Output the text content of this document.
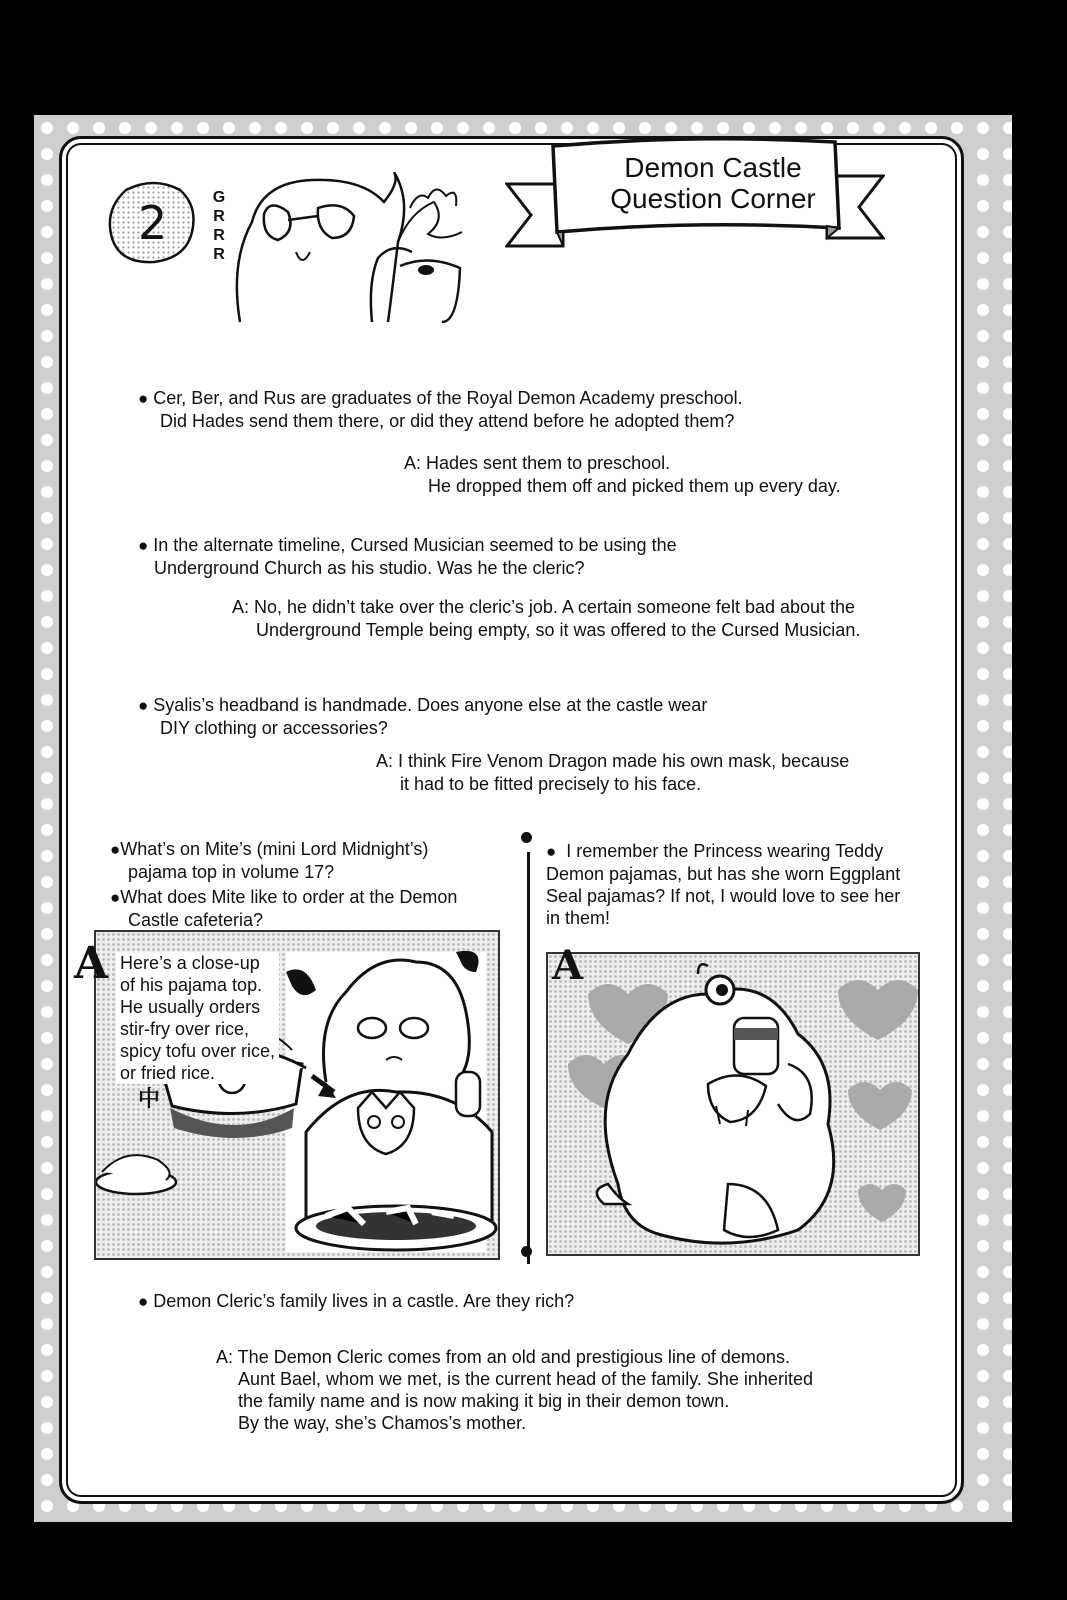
Demon Castle
Question Corner
2	GRRR
● Cer, Ber, and Rus are graduates of the Royal Demon Academy preschool.
Did Hades send them there, or did they attend before he adopted them?
A: Hades sent them to preschool.
He dropped them off and picked them up every day.
● In the alternate timeline, Cursed Musician seemed to be using the
Underground Church as his studio. Was he the cleric?
A: No, he didn’t take over the cleric’s job. A certain someone felt bad about the
Underground Temple being empty, so it was offered to the Cursed Musician.
● Syalis’s headband is handmade. Does anyone else at the castle wear
DIY clothing or accessories?
A: I think Fire Venom Dragon made his own mask, because
it had to be fitted precisely to his face.
●What’s on Mite’s (mini Lord Midnight’s)
pajama top in volume 17?
●What does Mite like to order at the Demon
Castle cafeteria?
中
A Here’s a close-up
of his pajama top.
He usually orders
stir-fry over rice,
spicy tofu over rice,
or fried rice.
● I remember the Princess wearing Teddy
Demon pajamas, but has she worn Eggplant
Seal pajamas? If not, I would love to see her
in them!
A
● Demon Cleric’s family lives in a castle. Are they rich?
A: The Demon Cleric comes from an old and prestigious line of demons.
Aunt Bael, whom we met, is the current head of the family. She inherited
the family name and is now making it big in their demon town.
By the way, she’s Chamos’s mother.
